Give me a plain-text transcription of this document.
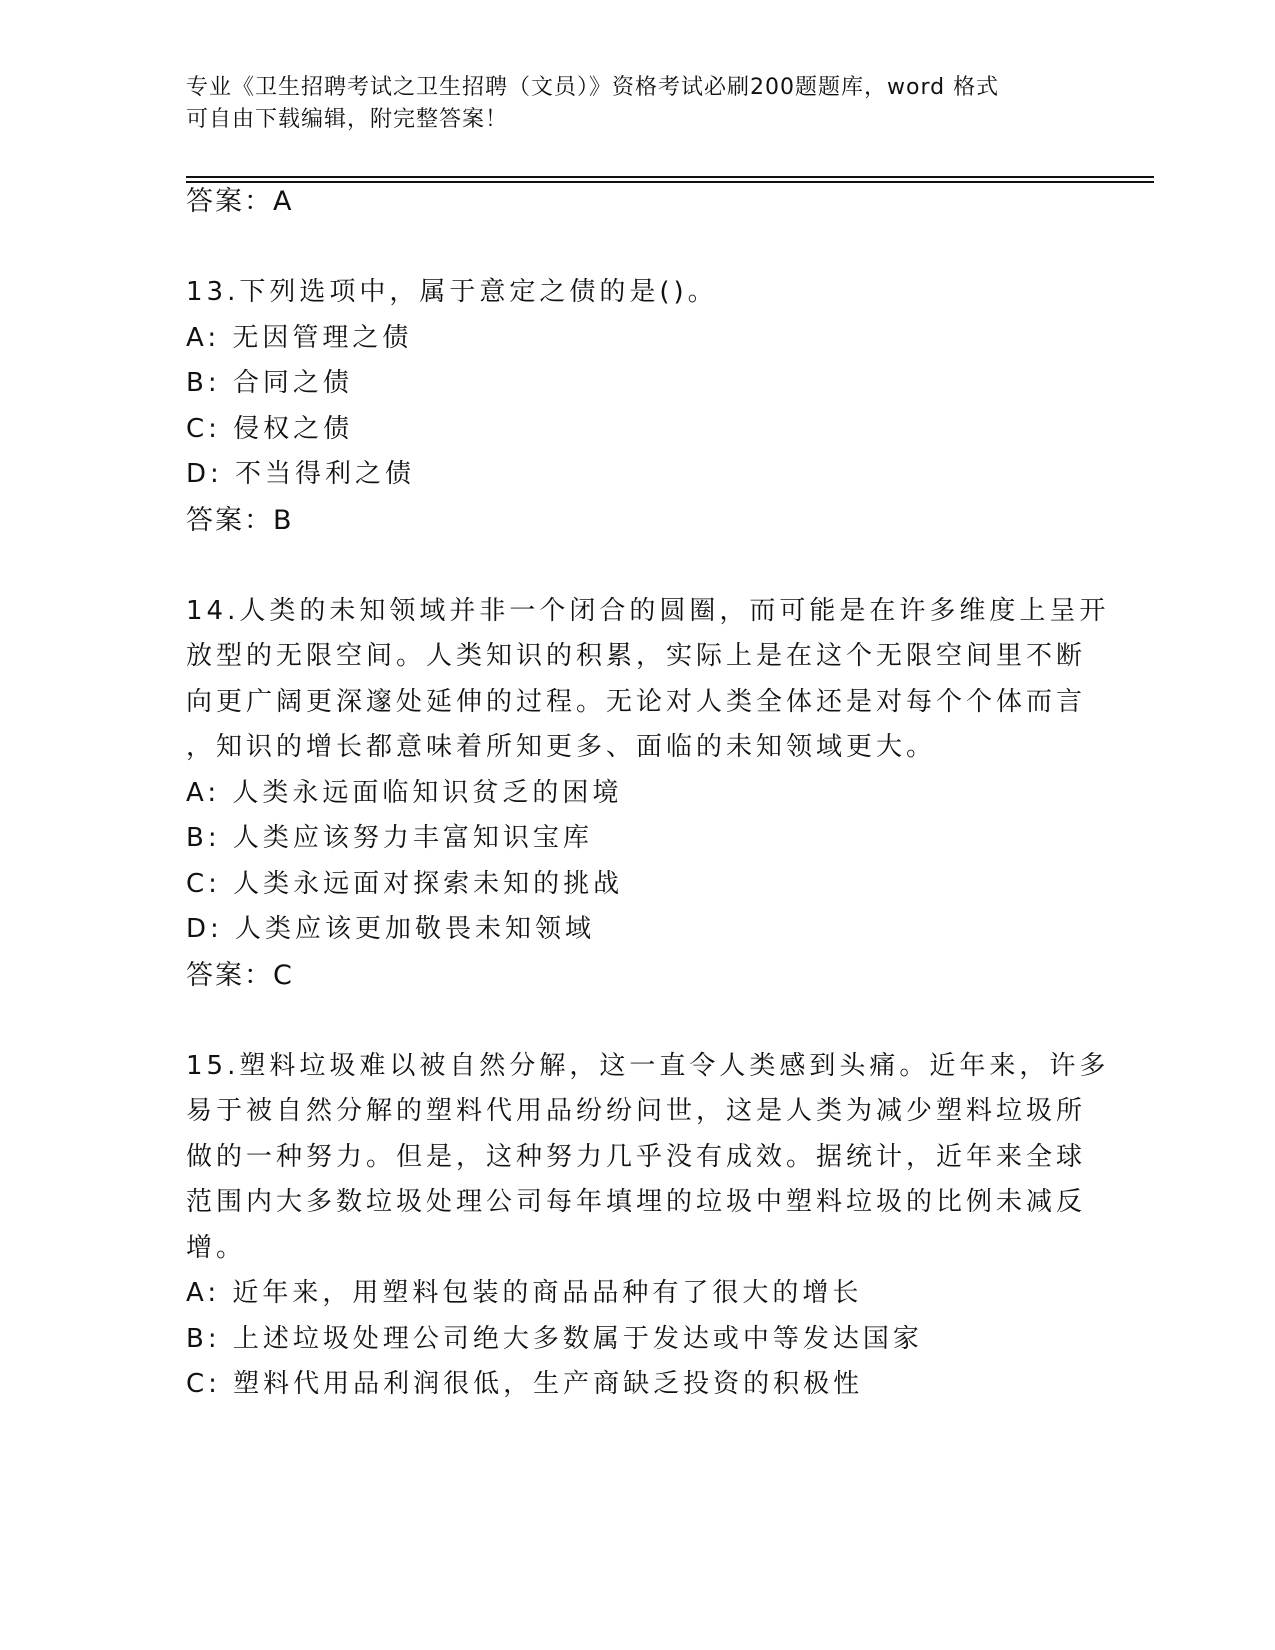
专业《卫生招聘考试之卫生招聘（文员）》资格考试必刷200题题库，word 格式
可自由下载编辑，附完整答案！
答案：A
13.下列选项中，属于意定之债的是()。
A: 无因管理之债
B: 合同之债
C: 侵权之债
D: 不当得利之债
答案：B
14.人类的未知领域并非一个闭合的圆圈，而可能是在许多维度上呈开
放型的无限空间。人类知识的积累，实际上是在这个无限空间里不断
向更广阔更深邃处延伸的过程。无论对人类全体还是对每个个体而言
，知识的增长都意味着所知更多、面临的未知领域更大。
A: 人类永远面临知识贫乏的困境
B: 人类应该努力丰富知识宝库
C: 人类永远面对探索未知的挑战
D: 人类应该更加敬畏未知领域
答案：C
15.塑料垃圾难以被自然分解，这一直令人类感到头痛。近年来，许多
易于被自然分解的塑料代用品纷纷问世，这是人类为减少塑料垃圾所
做的一种努力。但是，这种努力几乎没有成效。据统计，近年来全球
范围内大多数垃圾处理公司每年填埋的垃圾中塑料垃圾的比例未减反
增。
A: 近年来，用塑料包装的商品品种有了很大的增长
B: 上述垃圾处理公司绝大多数属于发达或中等发达国家
C: 塑料代用品利润很低，生产商缺乏投资的积极性
